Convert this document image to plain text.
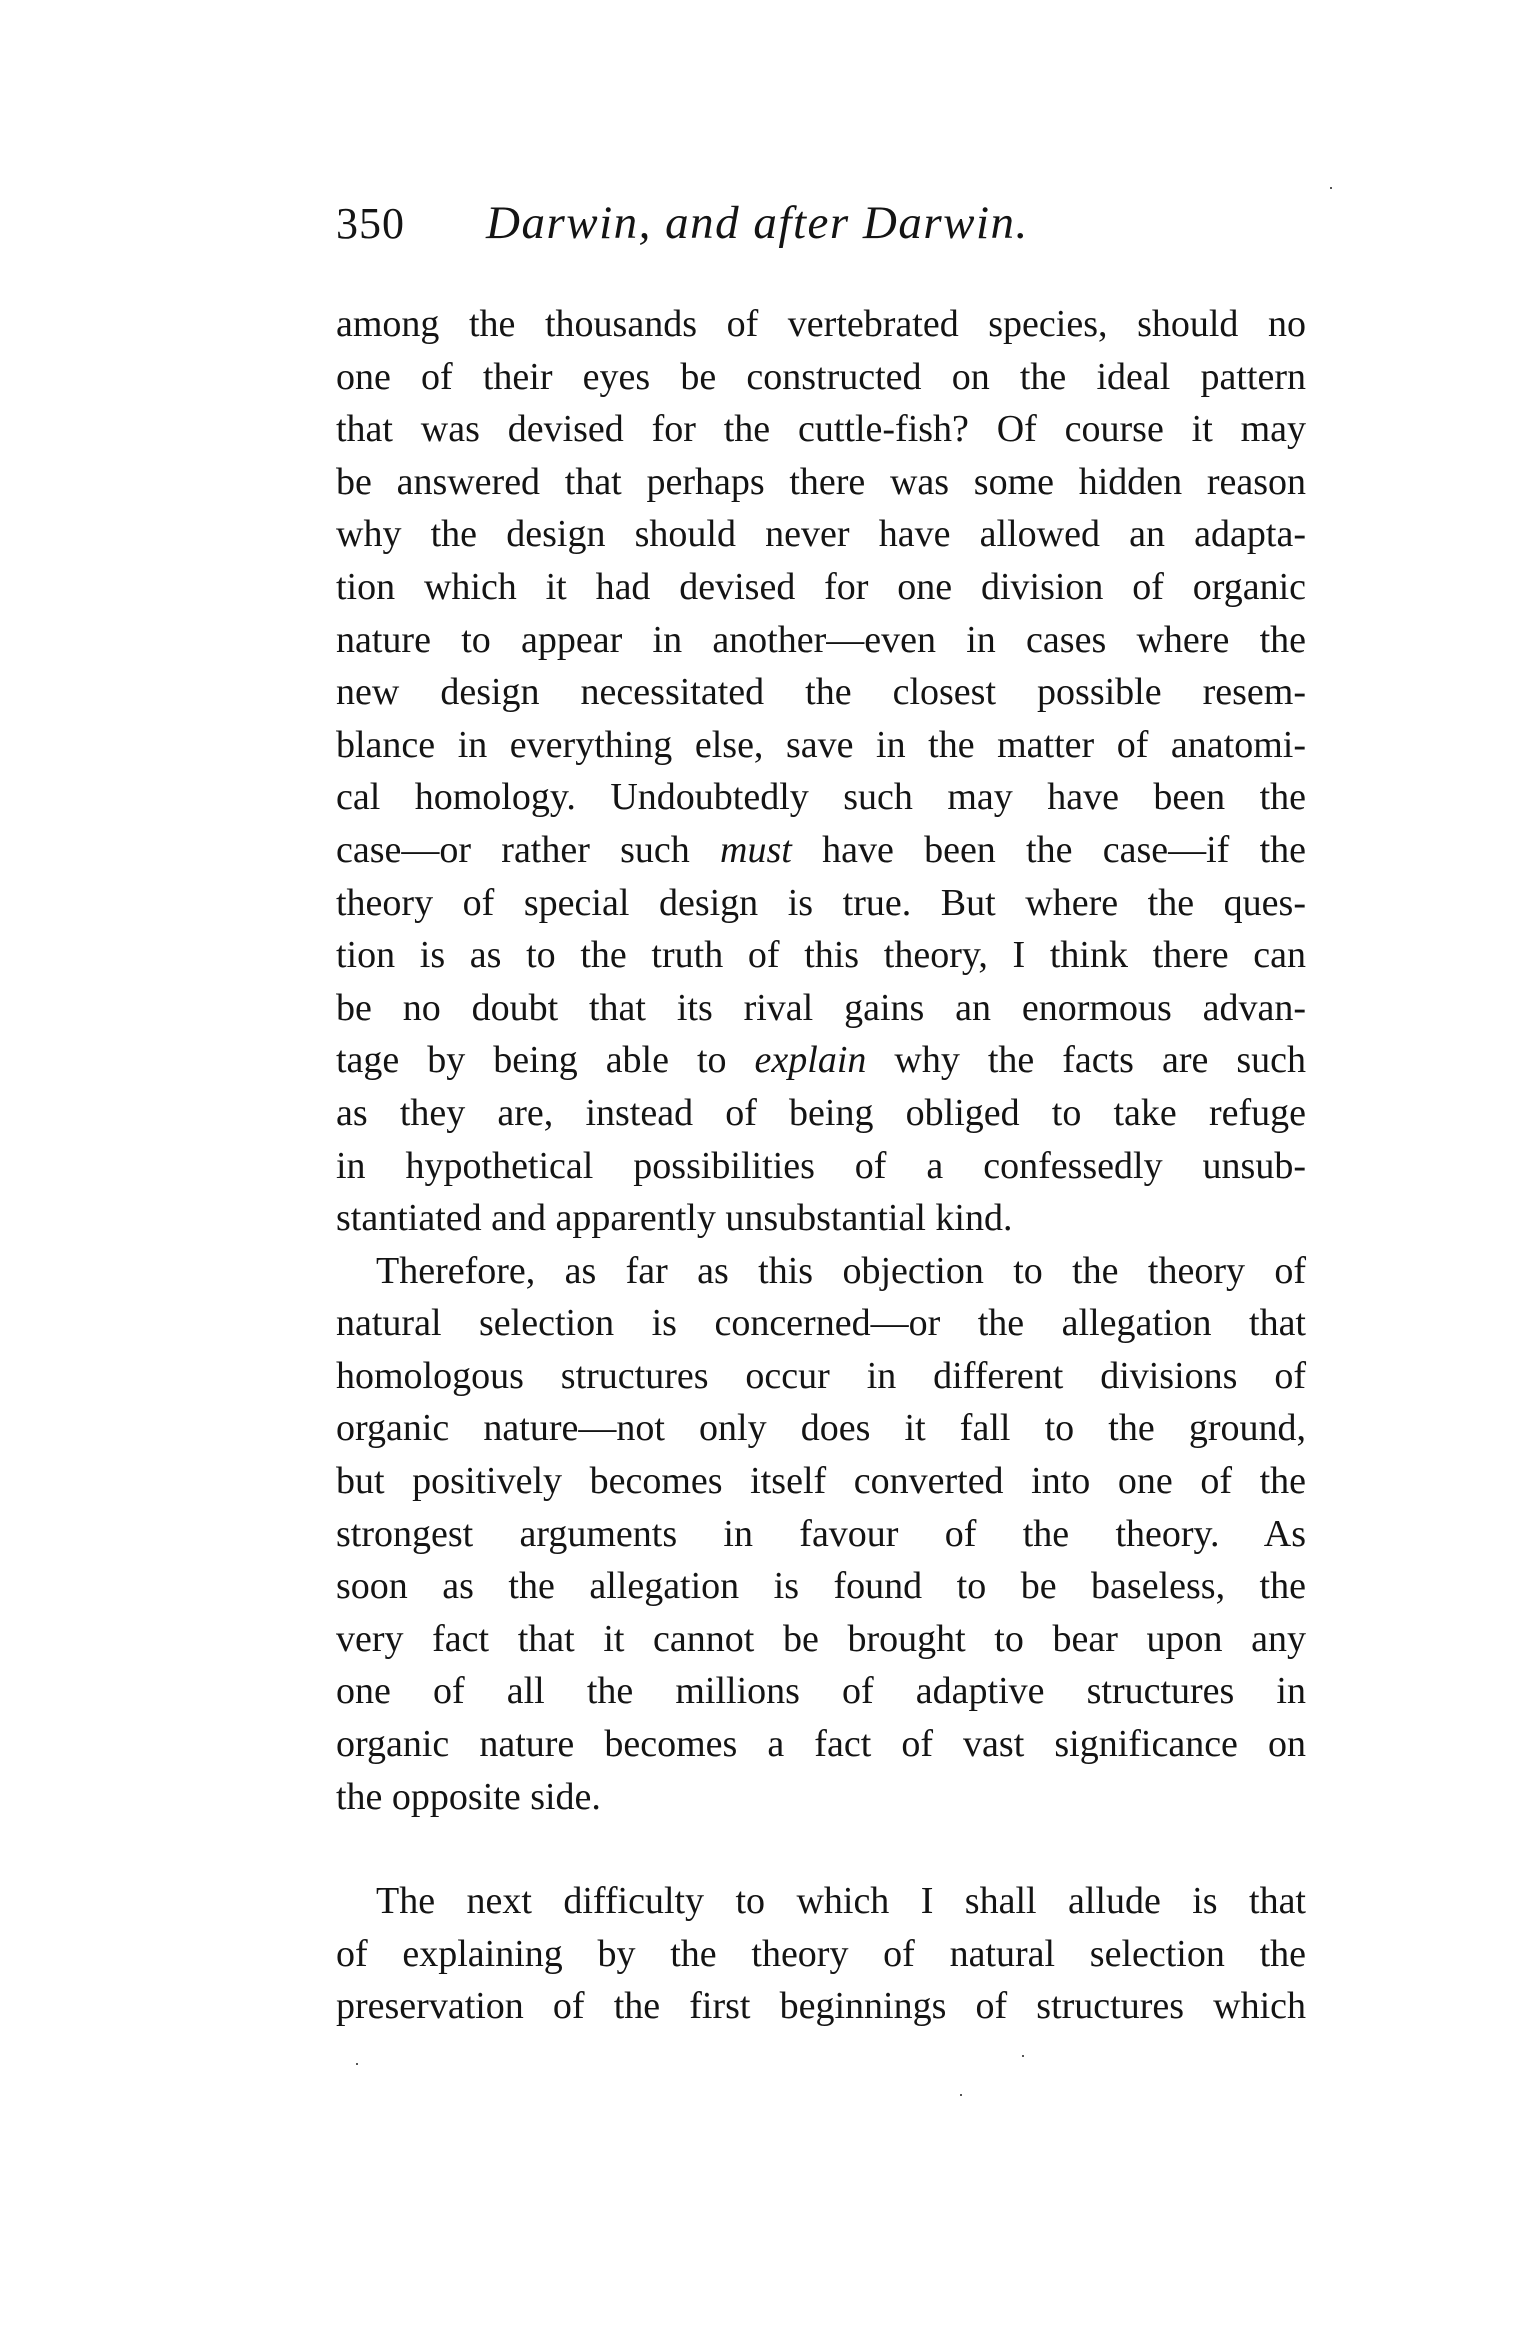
350 Darwin, and after Darwin.
among the thousands of vertebrated species, should no
one of their eyes be constructed on the ideal pattern
that was devised for the cuttle-fish? Of course it may
be answered that perhaps there was some hidden reason
why the design should never have allowed an adapta-
tion which it had devised for one division of organic
nature to appear in another—even in cases where the
new design necessitated the closest possible resem-
blance in everything else, save in the matter of anatomi-
cal homology. Undoubtedly such may have been the
case—or rather such must have been the case—if the
theory of special design is true. But where the ques-
tion is as to the truth of this theory, I think there can
be no doubt that its rival gains an enormous advan-
tage by being able to explain why the facts are such
as they are, instead of being obliged to take refuge
in hypothetical possibilities of a confessedly unsub-
stantiated and apparently unsubstantial kind.
Therefore, as far as this objection to the theory of
natural selection is concerned—or the allegation that
homologous structures occur in different divisions of
organic nature—not only does it fall to the ground,
but positively becomes itself converted into one of the
strongest arguments in favour of the theory. As
soon as the allegation is found to be baseless, the
very fact that it cannot be brought to bear upon any
one of all the millions of adaptive structures in
organic nature becomes a fact of vast significance on
the opposite side.
The next difficulty to which I shall allude is that
of explaining by the theory of natural selection the
preservation of the first beginnings of structures which
